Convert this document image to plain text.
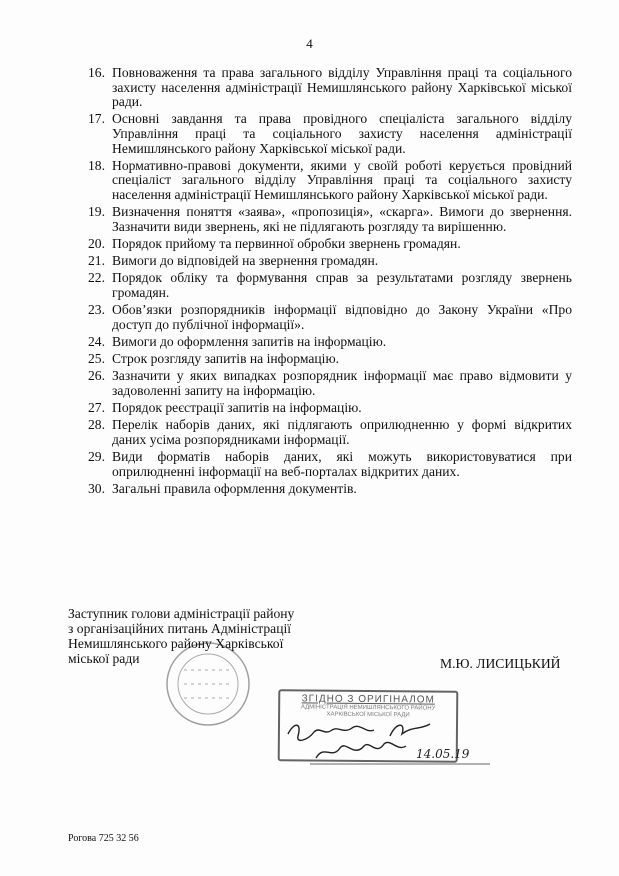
4
16. Повноваження та права загального відділу Управління праці та соціального захисту населення адміністрації Немишлянського району Харківської міської ради.
17. Основні завдання та права провідного спеціаліста загального відділу Управління праці та соціального захисту населення адміністрації Немишлянського району Харківської міської ради.
18. Нормативно-правові документи, якими у своїй роботі керується провідний спеціаліст загального відділу Управління праці та соціального захисту населення адміністрації Немишлянського району Харківської міської ради.
19. Визначення поняття «заява», «пропозиція», «скарга». Вимоги до звернення. Зазначити види звернень, які не підлягають розгляду та вирішенню.
20. Порядок прийому та первинної обробки звернень громадян.
21. Вимоги до відповідей на звернення громадян.
22. Порядок обліку та формування справ за результатами розгляду звернень громадян.
23. Обов’язки розпорядників інформації відповідно до Закону України «Про доступ до публічної інформації».
24. Вимоги до оформлення запитів на інформацію.
25. Строк розгляду запитів на інформацію.
26. Зазначити у яких випадках розпорядник інформації має право відмовити у задоволенні запиту на інформацію.
27. Порядок реєстрації запитів на інформацію.
28. Перелік наборів даних, які підлягають оприлюдненню у формі відкритих даних усіма розпорядниками інформації.
29. Види форматів наборів даних, які можуть використовуватися при оприлюдненні інформації на веб-порталах відкритих даних.
30. Загальні правила оформлення документів.
Заступник голови адміністрації району
з організаційних питань Адміністрації
Немишлянського району Харківської
міської ради	М.Ю. ЛИСИЦЬКИЙ
ЗГІДНО З ОРИГІНАЛОМ
АДМІНІСТРАЦІЯ НЕМИШЛЯНСЬКОГО РАЙОНУ
ХАРКІВСЬКОЇ МІСЬКОЇ РАДИ
14.05.19
Рогова 725 32 56
